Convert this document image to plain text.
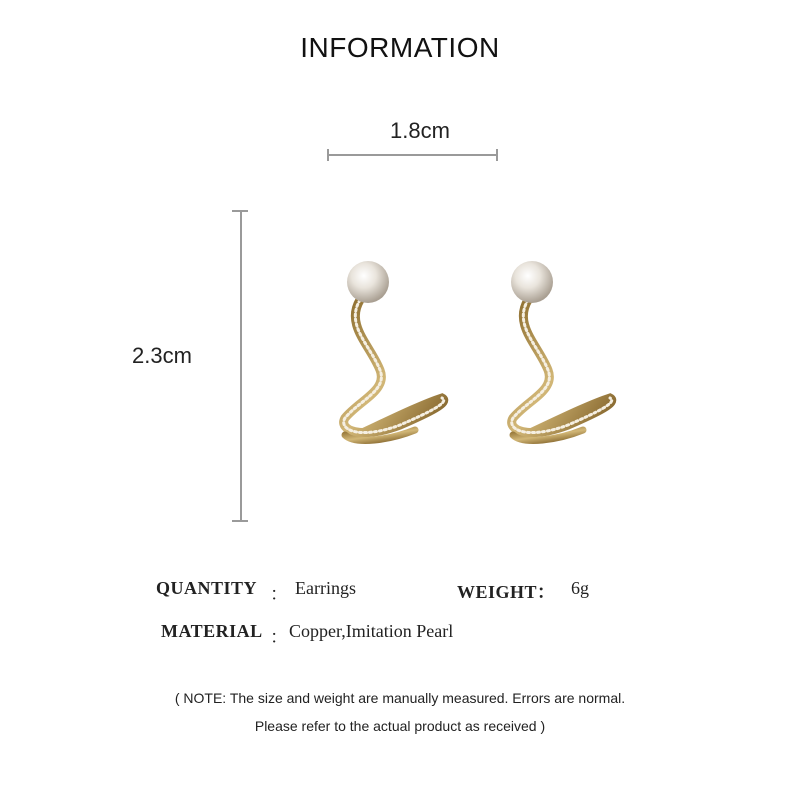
INFORMATION
1.8cm
2.3cm
QUANTITY ： Earrings	WEIGHT： 6g
MATERIAL ： Copper,Imitation Pearl
( NOTE: The size and weight are manually measured. Errors are normal.
Please refer to the actual product as received )
